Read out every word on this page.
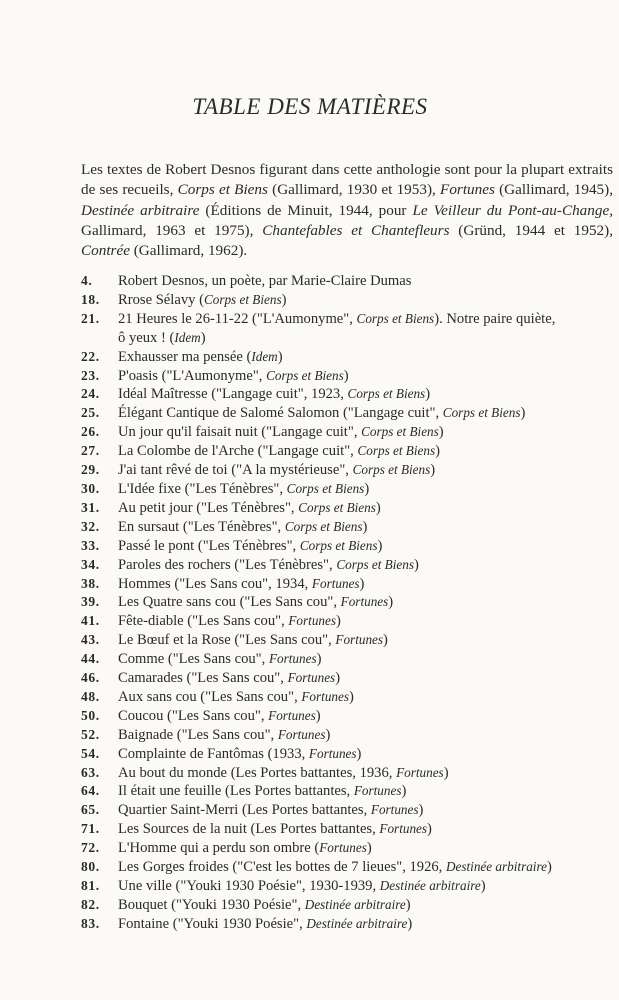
TABLE DES MATIÈRES

Les textes de Robert Desnos figurant dans cette anthologie sont pour la plupart extraits de ses recueils, Corps et Biens (Gallimard, 1930 et 1953), Fortunes (Gallimard, 1945), Destinée arbitraire (Éditions de Minuit, 1944, pour Le Veilleur du Pont-au-Change, Gallimard, 1963 et 1975), Chantefables et Chantefleurs (Gründ, 1944 et 1952), Contrée (Gallimard, 1962).

4. Robert Desnos, un poète, par Marie-Claire Dumas
18. Rrose Sélavy (Corps et Biens)
21. 21 Heures le 26-11-22 ("L'Aumonyme", Corps et Biens). Notre paire quiète,
ô yeux ! (Idem)
22. Exhausser ma pensée (Idem)
23. P'oasis ("L'Aumonyme", Corps et Biens)
24. Idéal Maîtresse ("Langage cuit", 1923, Corps et Biens)
25. Élégant Cantique de Salomé Salomon ("Langage cuit", Corps et Biens)
26. Un jour qu'il faisait nuit ("Langage cuit", Corps et Biens)
27. La Colombe de l'Arche ("Langage cuit", Corps et Biens)
29. J'ai tant rêvé de toi ("A la mystérieuse", Corps et Biens)
30. L'Idée fixe ("Les Ténèbres", Corps et Biens)
31. Au petit jour ("Les Ténèbres", Corps et Biens)
32. En sursaut ("Les Ténèbres", Corps et Biens)
33. Passé le pont ("Les Ténèbres", Corps et Biens)
34. Paroles des rochers ("Les Ténèbres", Corps et Biens)
38. Hommes ("Les Sans cou", 1934, Fortunes)
39. Les Quatre sans cou ("Les Sans cou", Fortunes)
41. Fête-diable ("Les Sans cou", Fortunes)
43. Le Bœuf et la Rose ("Les Sans cou", Fortunes)
44. Comme ("Les Sans cou", Fortunes)
46. Camarades ("Les Sans cou", Fortunes)
48. Aux sans cou ("Les Sans cou", Fortunes)
50. Coucou ("Les Sans cou", Fortunes)
52. Baignade ("Les Sans cou", Fortunes)
54. Complainte de Fantômas (1933, Fortunes)
63. Au bout du monde (Les Portes battantes, 1936, Fortunes)
64. Il était une feuille (Les Portes battantes, Fortunes)
65. Quartier Saint-Merri (Les Portes battantes, Fortunes)
71. Les Sources de la nuit (Les Portes battantes, Fortunes)
72. L'Homme qui a perdu son ombre (Fortunes)
80. Les Gorges froides ("C'est les bottes de 7 lieues", 1926, Destinée arbitraire)
81. Une ville ("Youki 1930 Poésie", 1930-1939, Destinée arbitraire)
82. Bouquet ("Youki 1930 Poésie", Destinée arbitraire)
83. Fontaine ("Youki 1930 Poésie", Destinée arbitraire)
